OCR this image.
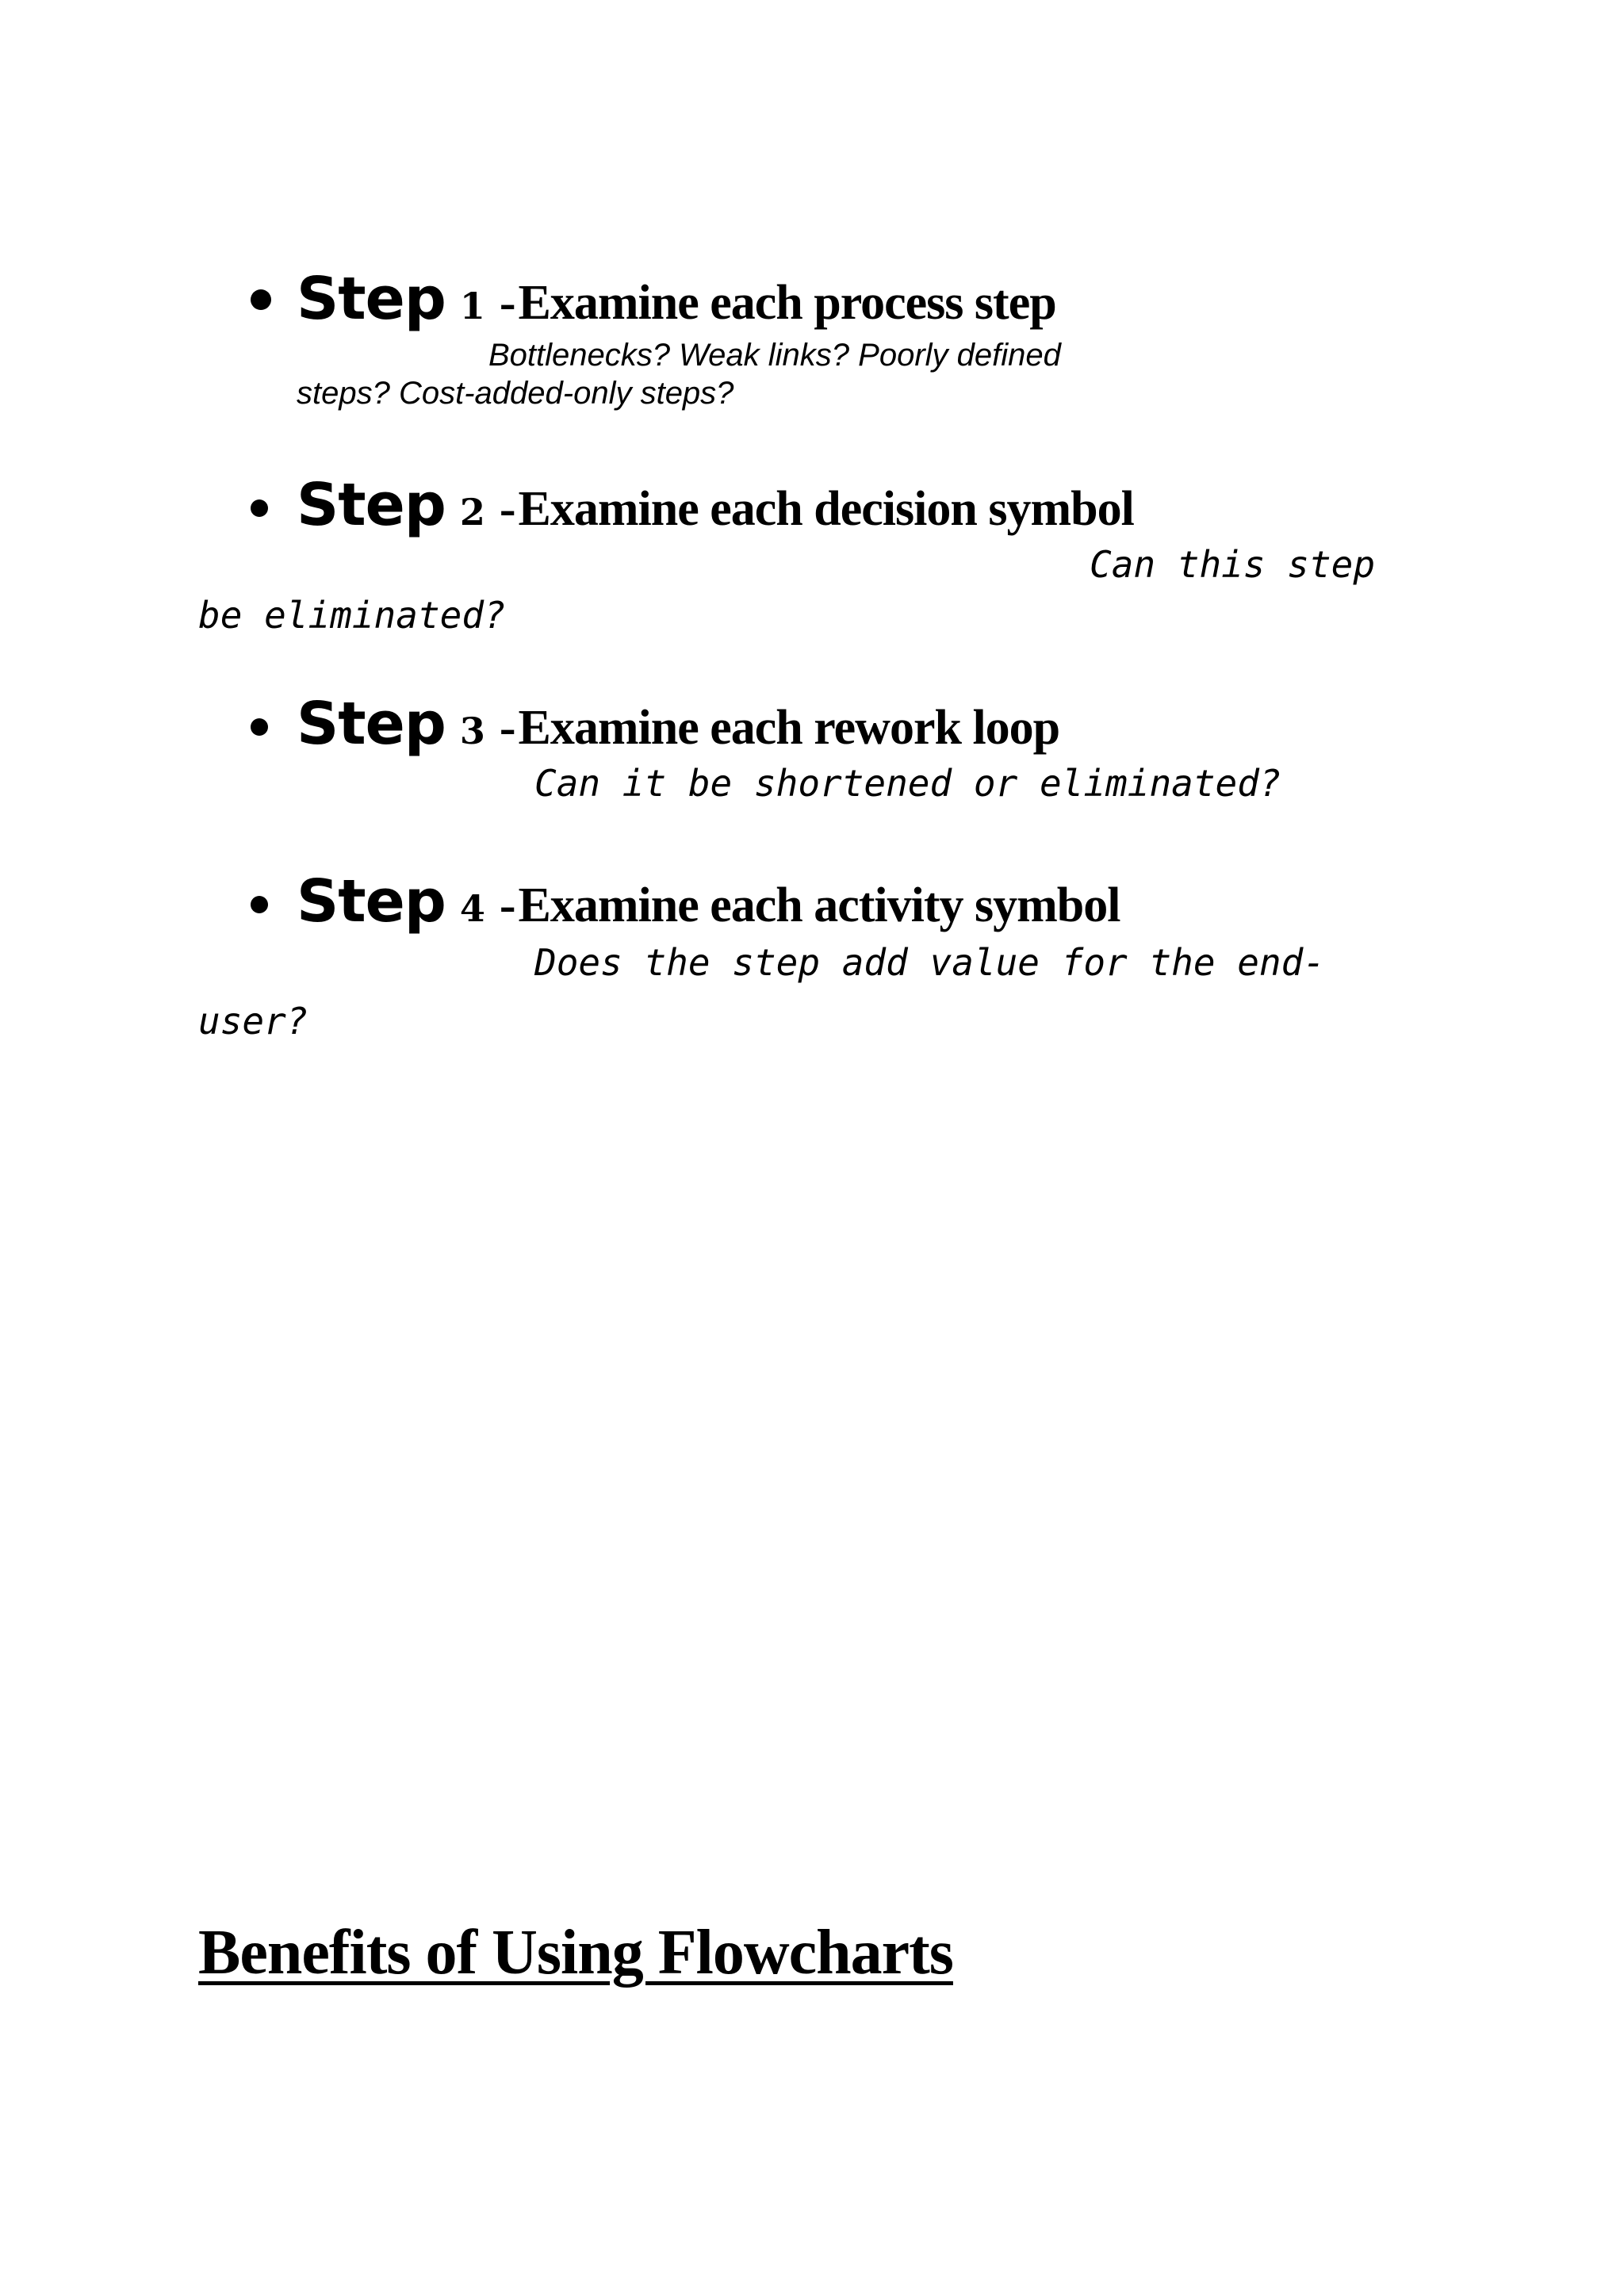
Step 1 - Examine each process step
Bottlenecks? Weak links? Poorly defined
steps? Cost-added-only steps?
Step 2 - Examine each decision symbol
Can this step
be eliminated?
Step 3 - Examine each rework loop
Can it be shortened or eliminated?
Step 4 - Examine each activity symbol
Does the step add value for the end-
user?
Benefits of Using Flowcharts
